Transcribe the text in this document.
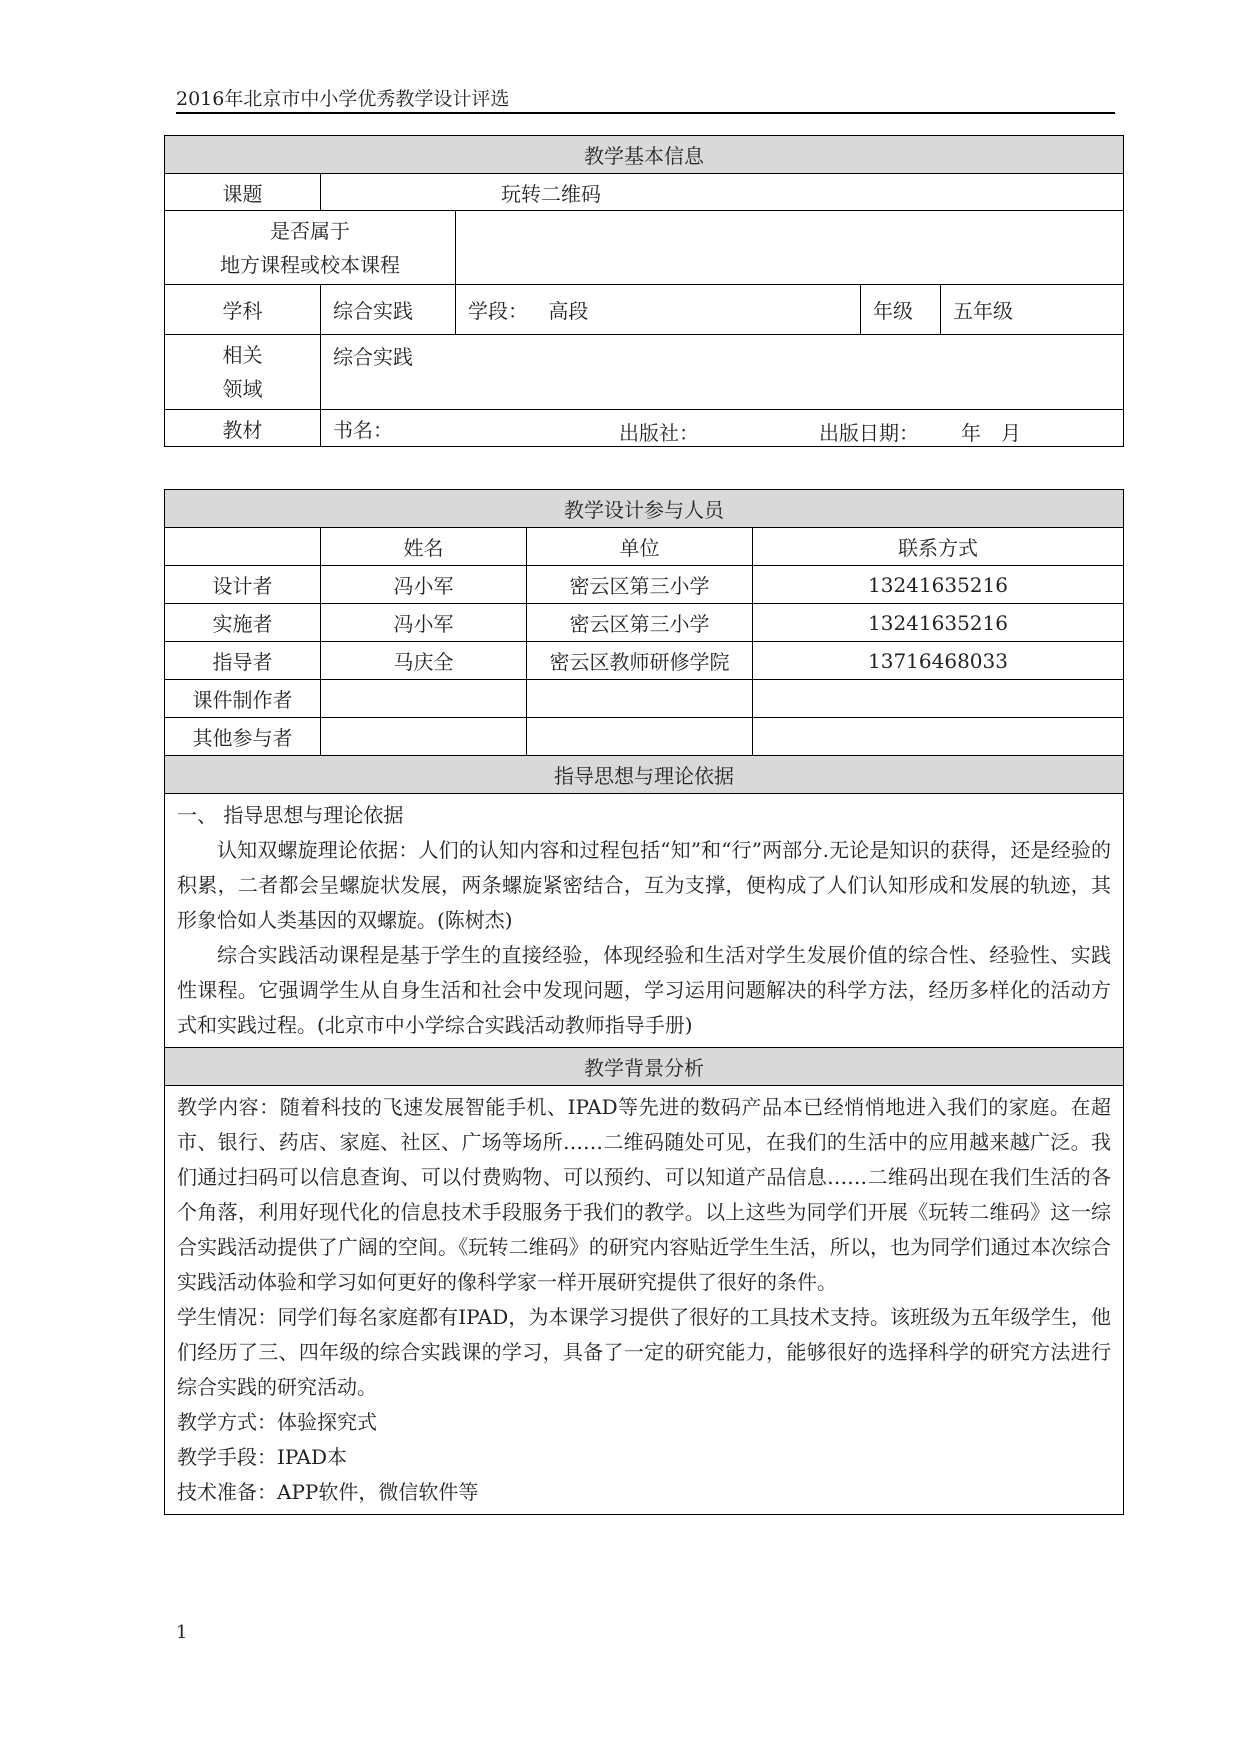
2016年北京市中小学优秀教学设计评选
教学基本信息				
课题	玩转二维码			

是否属于
地方课程或校本课程				

学科	综合实践	学段： 高段	年级	五年级

相关
领域	综合实践			
教材	书名： 出版社： 出版日期： 年 月			
教学设计参与人员			
	姓名	单位	联系方式
设计者	冯小军	密云区第三小学	13241635216
实施者	冯小军	密云区第三小学	13241635216
指导者	马庆全	密云区教师研修学院	13716468033
课件制作者			
其他参与者			
指导思想与理论依据			

一、 指导思想与理论依据

认知双螺旋理论依据：人们的认知内容和过程包括“知”和“行”两部分.无论是知识的获得，还是经验的积累，二者都会呈螺旋状发展，两条螺旋紧密结合，互为支撑，便构成了人们认知形成和发展的轨迹，其形象恰如人类基因的双螺旋。(陈树杰)

综合实践活动课程是基于学生的直接经验，体现经验和生活对学生发展价值的综合性、经验性、实践性课程。它强调学生从自身生活和社会中发现问题，学习运用问题解决的科学方法，经历多样化的活动方式和实践过程。(北京市中小学综合实践活动教师指导手册)			

教学背景分析			

教学内容：随着科技的飞速发展智能手机、IPAD等先进的数码产品本已经悄悄地进入我们的家庭。在超市、银行、药店、家庭、社区、广场等场所……二维码随处可见，在我们的生活中的应用越来越广泛。我们通过扫码可以信息查询、可以付费购物、可以预约、可以知道产品信息……二维码出现在我们生活的各个角落，利用好现代化的信息技术手段服务于我们的教学。以上这些为同学们开展《玩转二维码》这一综合实践活动提供了广阔的空间。《玩转二维码》的研究内容贴近学生生活，所以，也为同学们通过本次综合实践活动体验和学习如何更好的像科学家一样开展研究提供了很好的条件。

学生情况：同学们每名家庭都有IPAD，为本课学习提供了很好的工具技术支持。该班级为五年级学生，他们经历了三、四年级的综合实践课的学习，具备了一定的研究能力，能够很好的选择科学的研究方法进行综合实践的研究活动。

教学方式：体验探究式

教学手段：IPAD本

技术准备：APP软件，微信软件等			

1
